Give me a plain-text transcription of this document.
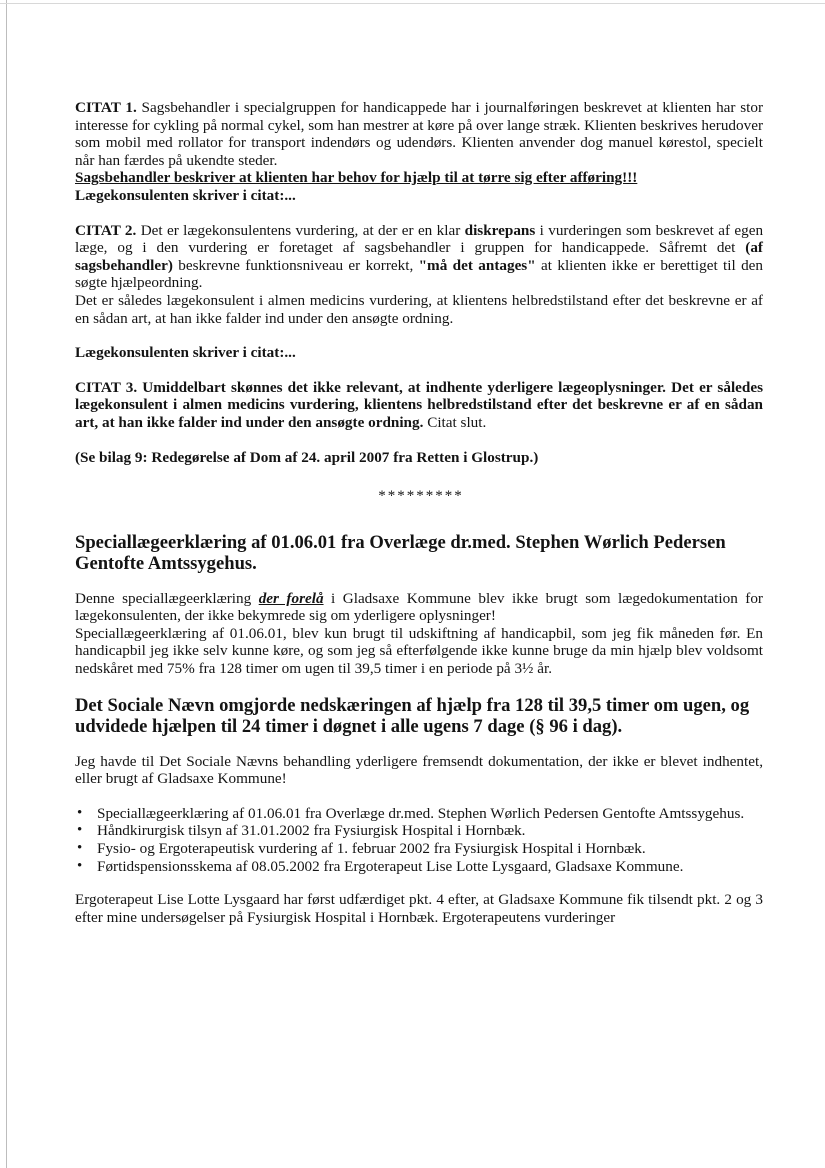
CITAT 1. Sagsbehandler i specialgruppen for handicappede har i journalføringen beskrevet at klienten har stor interesse for cykling på normal cykel, som han mestrer at køre på over lange stræk. Klienten beskrives herudover som mobil med rollator for transport indendørs og udendørs. Klienten anvender dog manuel kørestol, specielt når han færdes på ukendte steder.

Sagsbehandler beskriver at klienten har behov for hjælp til at tørre sig efter afføring!!!

Lægekonsulenten skriver i citat:...

CITAT 2. Det er lægekonsulentens vurdering, at der er en klar diskrepans i vurderingen som beskrevet af egen læge, og i den vurdering er foretaget af sagsbehandler i gruppen for handicappede. Såfremt det (af sagsbehandler) beskrevne funktionsniveau er korrekt, "må det antages" at klienten ikke er berettiget til den søgte hjælpeordning.

Det er således lægekonsulent i almen medicins vurdering, at klientens helbredstilstand efter det beskrevne er af en sådan art, at han ikke falder ind under den ansøgte ordning.

Lægekonsulenten skriver i citat:...

CITAT 3. Umiddelbart skønnes det ikke relevant, at indhente yderligere lægeoplysninger. Det er således lægekonsulent i almen medicins vurdering, klientens helbredstilstand efter det beskrevne er af en sådan art, at han ikke falder ind under den ansøgte ordning. Citat slut.

(Se bilag 9: Redegørelse af Dom af 24. april 2007 fra Retten i Glostrup.)

*********

Speciallægeerklæring af 01.06.01 fra Overlæge dr.med. Stephen Wørlich Pedersen Gentofte Amtssygehus.

Denne speciallægeerklæring der forelå i Gladsaxe Kommune blev ikke brugt som lægedokumentation for lægekonsulenten, der ikke bekymrede sig om yderligere oplysninger!
Speciallægeerklæring af 01.06.01, blev kun brugt til udskiftning af handicapbil, som jeg fik måneden før. En handicapbil jeg ikke selv kunne køre, og som jeg så efterfølgende ikke kunne bruge da min hjælp blev voldsomt nedskåret med 75% fra 128 timer om ugen til 39,5 timer i en periode på 3½ år.

Det Sociale Nævn omgjorde nedskæringen af hjælp fra 128 til 39,5 timer om ugen, og udvidede hjælpen til 24 timer i døgnet i alle ugens 7 dage (§ 96 i dag).

Jeg havde til Det Sociale Nævns behandling yderligere fremsendt dokumentation, der ikke er blevet indhentet, eller brugt af Gladsaxe Kommune!

• Speciallægeerklæring af 01.06.01 fra Overlæge dr.med. Stephen Wørlich Pedersen Gentofte Amtssygehus.
• Håndkirurgisk tilsyn af 31.01.2002 fra Fysiurgisk Hospital i Hornbæk.
• Fysio- og Ergoterapeutisk vurdering af 1. februar 2002 fra Fysiurgisk Hospital i Hornbæk.
• Førtidspensionsskema af 08.05.2002 fra Ergoterapeut Lise Lotte Lysgaard, Gladsaxe Kommune.

Ergoterapeut Lise Lotte Lysgaard har først udfærdiget pkt. 4 efter, at Gladsaxe Kommune fik tilsendt pkt. 2 og 3 efter mine undersøgelser på Fysiurgisk Hospital i Hornbæk. Ergoterapeutens vurderinger
